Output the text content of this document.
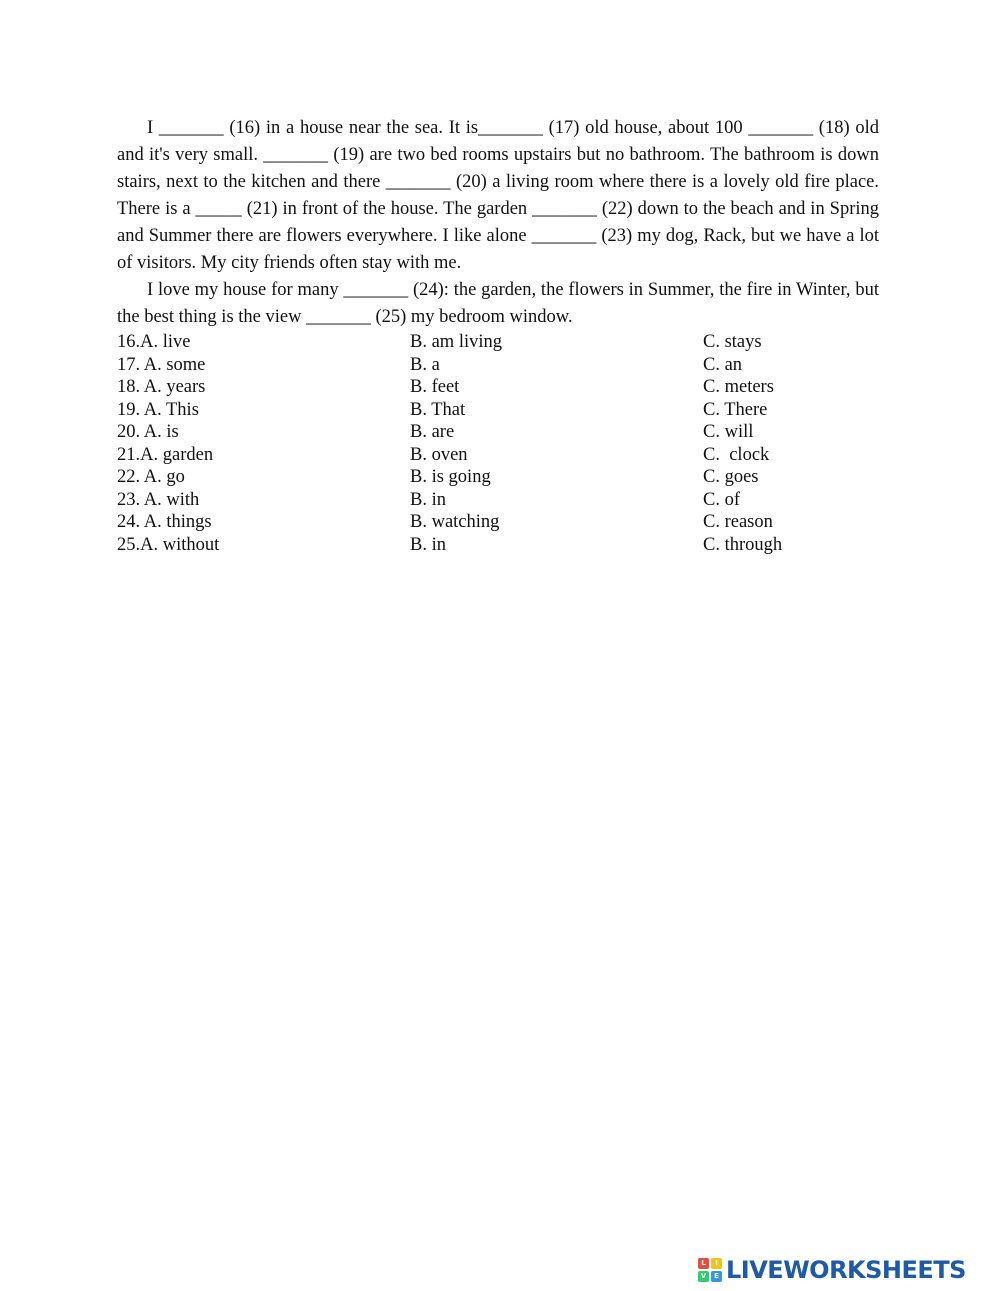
I _______ (16) in a house near the sea. It is_______ (17) old house, about 100 _______ (18) old and it's very small. _______ (19) are two bed rooms upstairs but no bathroom. The bathroom is down stairs, next to the kitchen and there _______ (20) a living room where there is a lovely old fire place. There is a _____ (21) in front of the house. The garden _______ (22) down to the beach and in Spring and Summer there are flowers everywhere. I like alone _______ (23) my dog, Rack, but we have a lot of visitors. My city friends often stay with me.

I love my house for many _______ (24): the garden, the flowers in Summer, the fire in Winter, but the best thing is the view _______ (25) my bedroom window.

16.A. live	B. am living	C. stays
17. A. some	B. a	C. an
18. A. years	B. feet	C. meters
19. A. This	B. That	C. There
20. A. is	B. are	C. will
21.A. garden	B. oven	C.  clock
22. A. go	B. is going	C. goes
23. A. with	B. in	C. of
24. A. things	B. watching	C. reason
25.A. without	B. in	C. through
L	I
V	E LIVEWORKSHEETS
